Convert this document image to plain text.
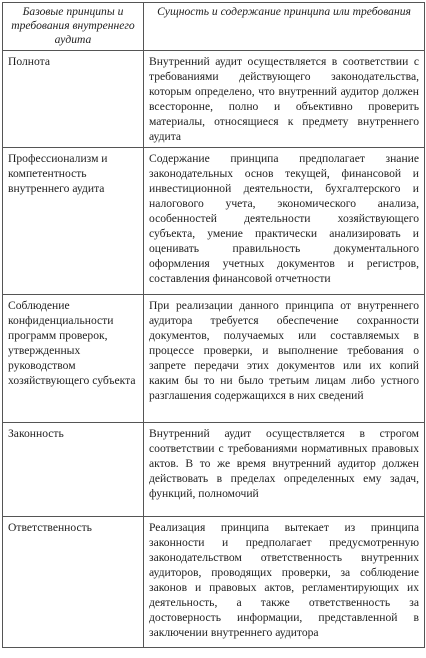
Базовые принципы и требования внутреннего аудита	Сущность и содержание принципа или требования
Полнота	Внутренний аудит осуществляется в соответствии с требованиями действующего законодательства, которым определено, что внутренний аудитор должен всесторонне, полно и объективно проверить материалы, относящиеся к предмету внутреннего аудита
Профессионализм и компетентность внутреннего аудита	Содержание принципа предполагает знание законодательных основ текущей, финансовой и инвестиционной деятельности, бухгалтерского и налогового учета, экономического анализа, особенностей деятельности хозяйствующего субъекта, умение практически анализировать и оценивать правильность документального оформления учетных документов и регистров, составления финансовой отчетности
Соблюдение конфиденциальности программ проверок, утвержденных руководством хозяйствующего субъекта	При реализации данного принципа от внутреннего аудитора требуется обеспечение сохранности документов, получаемых или составляемых в процессе проверки, и выполнение требования о запрете передачи этих документов или их копий каким бы то ни было третьим лицам либо устного разглашения содержащихся в них сведений
Законность	Внутренний аудит осуществляется в строгом соответствии с требованиями нормативных правовых актов. В то же время внутренний аудитор должен действовать в пределах определенных ему задач, функций, полномочий
Ответственность	Реализация принципа вытекает из принципа законности и предполагает предусмотренную законодательством ответственность внутренних аудиторов, проводящих проверки, за соблюдение законов и правовых актов, регламентирующих их деятельность, а также ответственность за достоверность информации, представленной в заключении внутреннего аудитора
